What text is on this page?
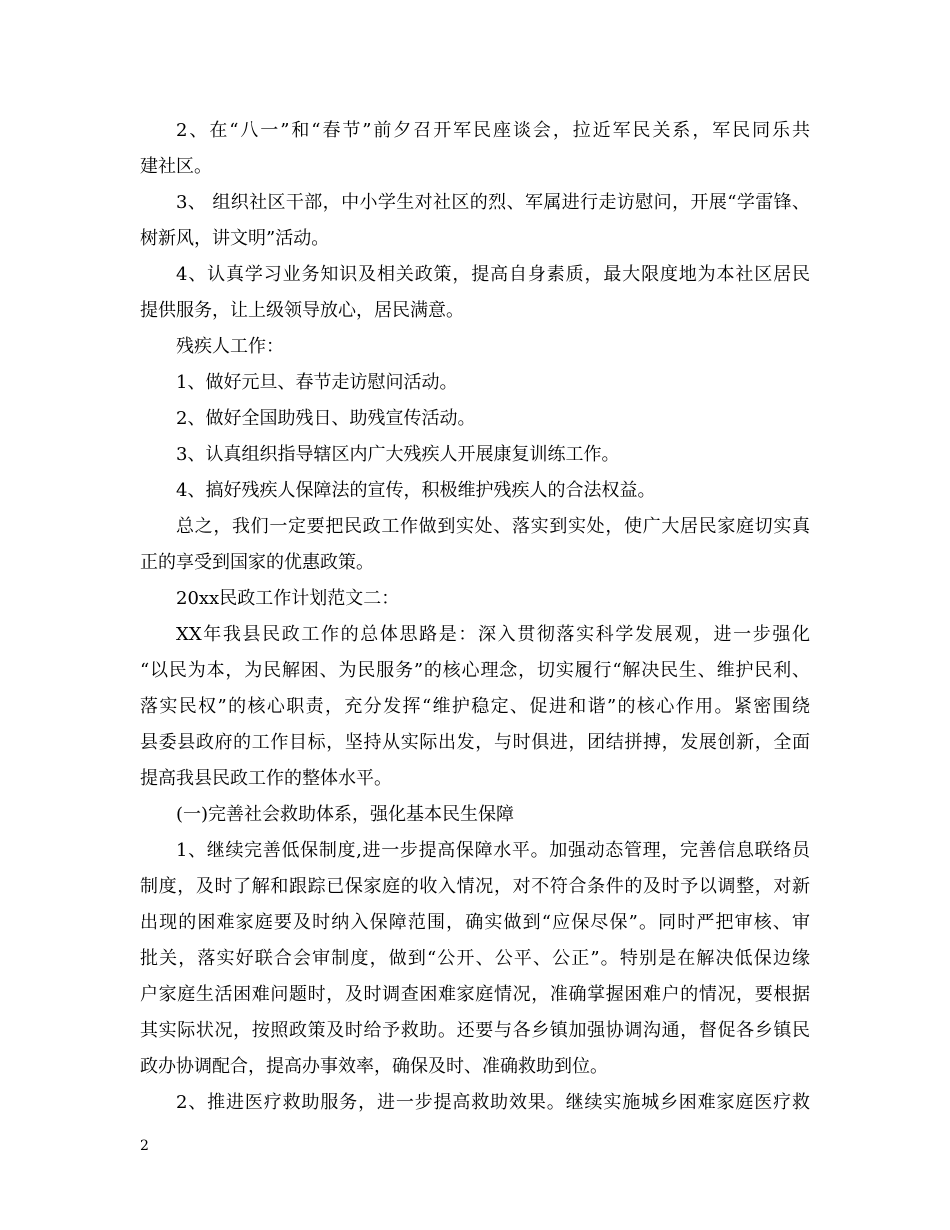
2、在“八一”和“春节”前夕召开军民座谈会，拉近军民关系，军民同乐共
建社区。
3、 组织社区干部，中小学生对社区的烈、军属进行走访慰问，开展“学雷锋、
树新风，讲文明”活动。
4、认真学习业务知识及相关政策，提高自身素质，最大限度地为本社区居民
提供服务，让上级领导放心，居民满意。
残疾人工作：
1、做好元旦、春节走访慰问活动。
2、做好全国助残日、助残宣传活动。
3、认真组织指导辖区内广大残疾人开展康复训练工作。
4、搞好残疾人保障法的宣传，积极维护残疾人的合法权益。
总之，我们一定要把民政工作做到实处、落实到实处，使广大居民家庭切实真
正的享受到国家的优惠政策。
20xx民政工作计划范文二：
XX年我县民政工作的总体思路是：深入贯彻落实科学发展观，进一步强化
“以民为本，为民解困、为民服务”的核心理念，切实履行“解决民生、维护民利、
落实民权”的核心职责，充分发挥“维护稳定、促进和谐”的核心作用。紧密围绕
县委县政府的工作目标，坚持从实际出发，与时俱进，团结拼搏，发展创新，全面
提高我县民政工作的整体水平。
(一)完善社会救助体系，强化基本民生保障
1、继续完善低保制度,进一步提高保障水平。加强动态管理，完善信息联络员
制度，及时了解和跟踪已保家庭的收入情况，对不符合条件的及时予以调整，对新
出现的困难家庭要及时纳入保障范围，确实做到“应保尽保”。同时严把审核、审
批关，落实好联合会审制度，做到“公开、公平、公正”。特别是在解决低保边缘
户家庭生活困难问题时，及时调查困难家庭情况，准确掌握困难户的情况，要根据
其实际状况，按照政策及时给予救助。还要与各乡镇加强协调沟通，督促各乡镇民
政办协调配合，提高办事效率，确保及时、准确救助到位。
2、推进医疗救助服务，进一步提高救助效果。继续实施城乡困难家庭医疗救
2
